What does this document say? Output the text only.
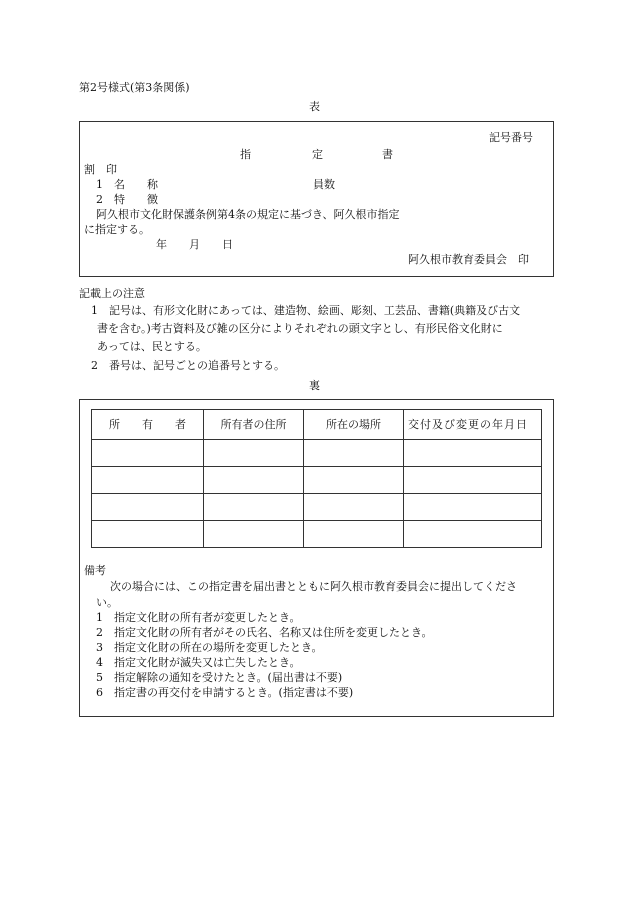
第2号様式(第3条関係)
表
記号番号
指	定	書
割　印
1 名　　称	員数
2 特　　徴
阿久根市文化財保護条例第4条の規定に基づき、阿久根市指定
に指定する。
年　　月　　日
阿久根市教育委員会　印
記載上の注意
1　記号は、有形文化財にあっては、建造物、絵画、彫刻、工芸品、書籍(典籍及び古文
書を含む。)考古資料及び雑の区分によりそれぞれの頭文字とし、有形民俗文化財に
あっては、民とする。
2　番号は、記号ごとの追番号とする。
裏
所　　有　　者	所有者の住所	所在の場所	交付及び変更の年月日

備考
次の場合には、この指定書を届出書とともに阿久根市教育委員会に提出してくださ
い。
1　指定文化財の所有者が変更したとき。
2　指定文化財の所有者がその氏名、名称又は住所を変更したとき。
3　指定文化財の所在の場所を変更したとき。
4　指定文化財が滅失又は亡失したとき。
5　指定解除の通知を受けたとき。(届出書は不要)
6　指定書の再交付を申請するとき。(指定書は不要)
